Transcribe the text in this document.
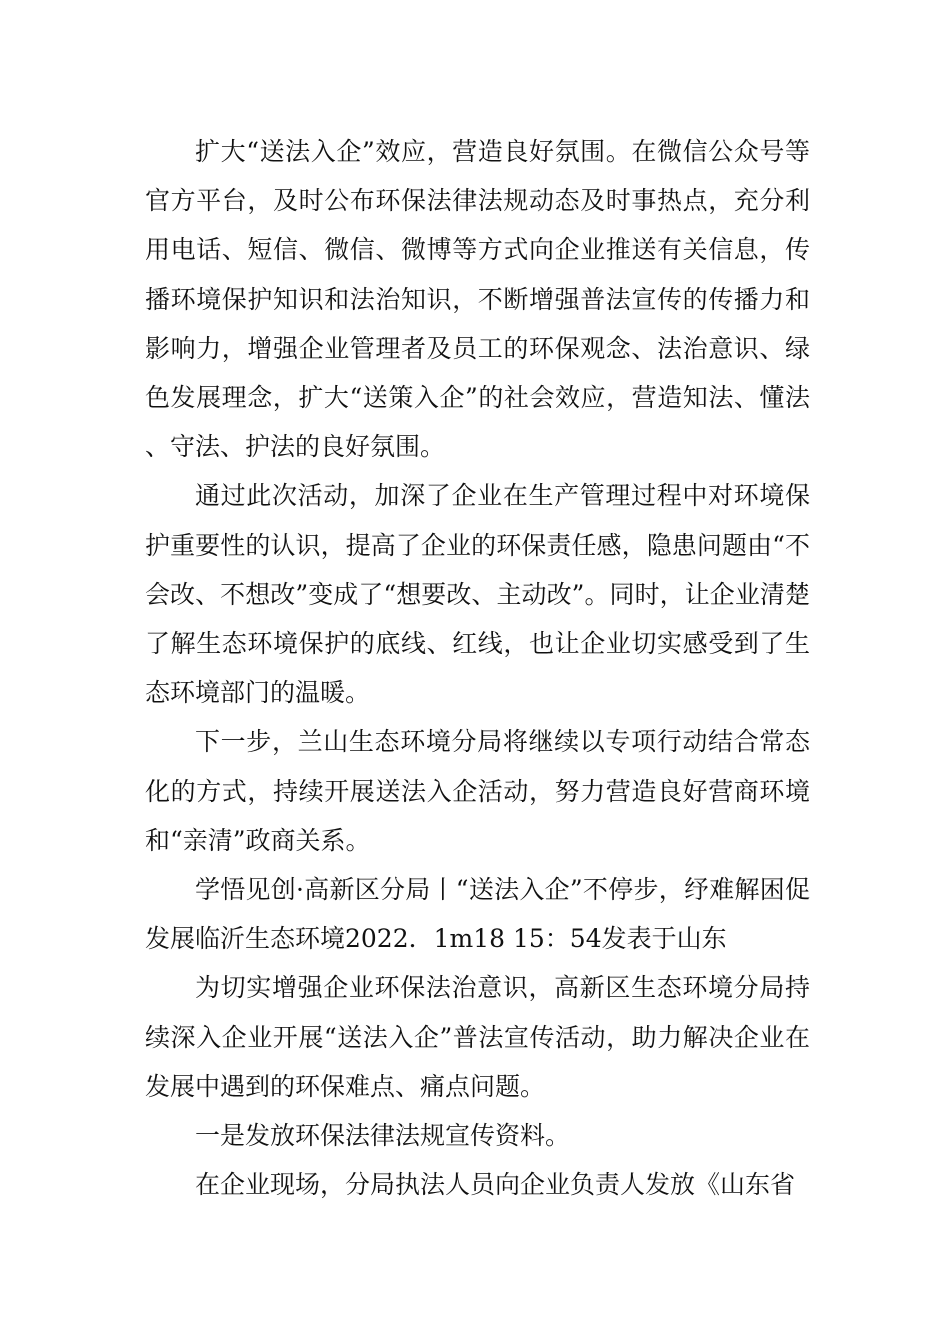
扩大“送法入企”效应，营造良好氛围。在微信公众号等官方平台，及时公布环保法律法规动态及时事热点，充分利用电话、短信、微信、微博等方式向企业推送有关信息，传播环境保护知识和法治知识，不断增强普法宣传的传播力和影响力，增强企业管理者及员工的环保观念、法治意识、绿色发展理念，扩大“送策入企”的社会效应，营造知法、懂法、守法、护法的良好氛围。

通过此次活动，加深了企业在生产管理过程中对环境保护重要性的认识，提高了企业的环保责任感，隐患问题由“不会改、不想改”变成了“想要改、主动改”。同时，让企业清楚了解生态环境保护的底线、红线，也让企业切实感受到了生态环境部门的温暖。

下一步，兰山生态环境分局将继续以专项行动结合常态化的方式，持续开展送法入企活动，努力营造良好营商环境和“亲清”政商关系。

学悟见创·高新区分局丨“送法入企”不停步，纾难解困促发展临沂生态环境2022．1m18 15：54发表于山东

为切实增强企业环保法治意识，高新区生态环境分局持续深入企业开展“送法入企”普法宣传活动，助力解决企业在发展中遇到的环保难点、痛点问题。

一是发放环保法律法规宣传资料。

在企业现场，分局执法人员向企业负责人发放《山东省
